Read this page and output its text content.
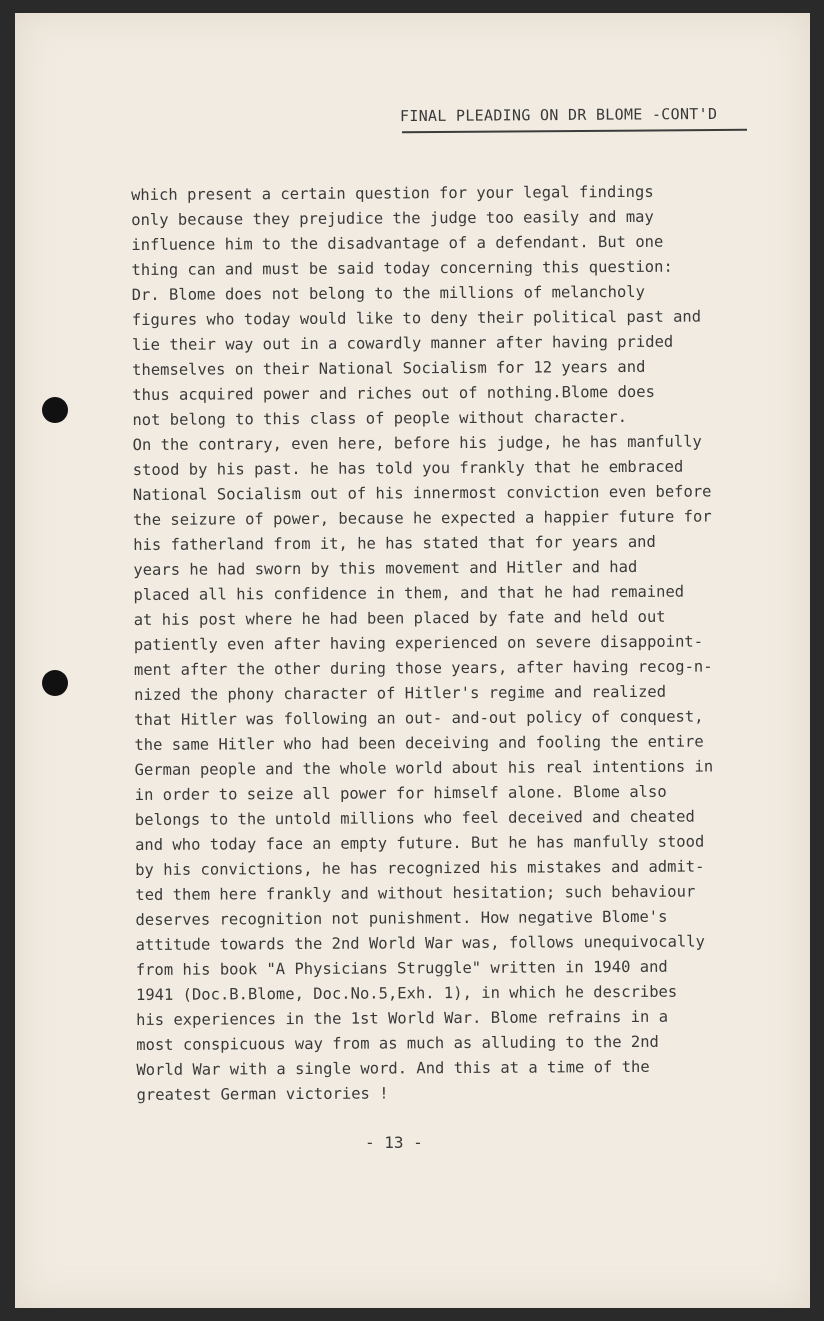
FINAL PLEADING ON DR BLOME -CONT'D
which present a certain question for your legal findings
only because they prejudice the judge too easily and may
influence him to the disadvantage of a defendant. But one
thing can and must be said today concerning this question:
Dr. Blome does not belong to the millions of melancholy
figures who today would like to deny their political past and
lie their way out in a cowardly manner after having prided
themselves on their National Socialism for 12 years and
thus acquired power and riches out of nothing.Blome does
not belong to this class of people without character.
On the contrary, even here, before his judge, he has manfully
stood by his past. he has told you frankly that he embraced
National Socialism out of his innermost conviction even before
the seizure of power, because he expected a happier future for
his fatherland from it, he has stated that for years and
years he had sworn by this movement and Hitler and had
placed all his confidence in them, and that he had remained
at his post where he had been placed by fate and held out
patiently even after having experienced on severe disappoint-
ment after the other during those years, after having recog-n-
nized the phony character of Hitler's regime and realized
that Hitler was following an out- and-out policy of conquest,
the same Hitler who had been deceiving and fooling the entire
German people and the whole world about his real intentions in
in order to seize all power for himself alone. Blome also
belongs to the untold millions who feel deceived and cheated
and who today face an empty future. But he has manfully stood
by his convictions, he has recognized his mistakes and admit-
ted them here frankly and without hesitation; such behaviour
deserves recognition not punishment. How negative Blome's
attitude towards the 2nd World War was, follows unequivocally
from his book "A Physicians Struggle" written in 1940 and
1941 (Doc.B.Blome, Doc.No.5,Exh. 1), in which he describes
his experiences in the 1st World War. Blome refrains in a
most conspicuous way from as much as alluding to the 2nd
World War with a single word. And this at a time of the
greatest German victories !
- 13 -
